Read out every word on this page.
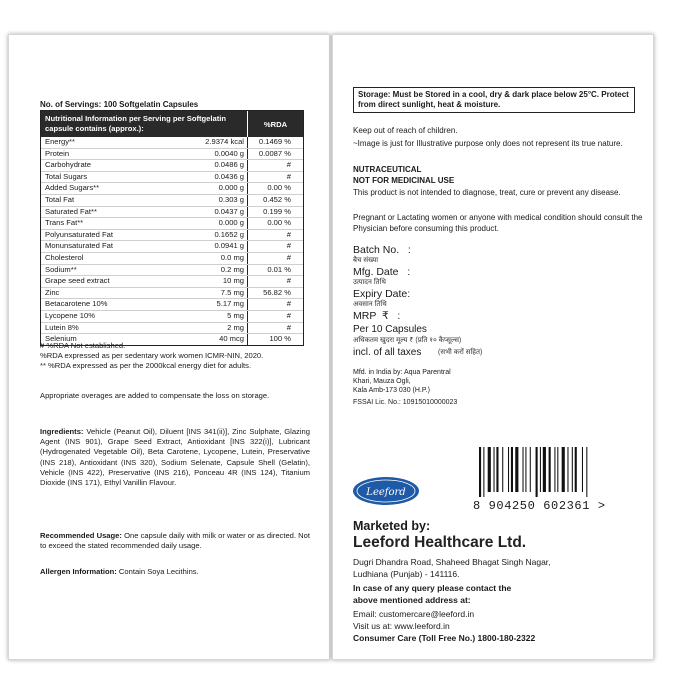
No. of Servings: 100 Softgelatin Capsules
Nutritional Information per Serving per Softgelatin capsule contains (approx.):	%RDA
Energy**	2.9374 kcal	0.1469 %
Protein	0.0040 g	0.0087 %
Carbohydrate	0.0486 g	#
Total Sugars	0.0436 g	#
Added Sugars**	0.000 g	0.00 %
Total Fat	0.303 g	0.452 %
Saturated Fat**	0.0437 g	0.199 %
Trans Fat**	0.000 g	0.00 %
Polyunsaturated Fat	0.1652 g	#
Monunsaturated Fat	0.0941 g	#
Cholesterol	0.0 mg	#
Sodium**	0.2 mg	0.01 %
Grape seed extract	10 mg	#
Zinc	7.5 mg	56.82 %
Betacarotene 10%	5.17 mg	#
Lycopene 10%	5 mg	#
Lutein 8%	2 mg	#
Selenium	40 mcg	100 %
# %RDA Not established.
%RDA expressed as per sedentary work women ICMR-NIN, 2020.
** %RDA expressed as per the 2000kcal energy diet for adults.
Appropriate overages are added to compensate the loss on storage.
Ingredients: Vehicle (Peanut Oil), Diluent [INS 341(ii)], Zinc Sulphate, Glazing Agent (INS 901), Grape Seed Extract, Antioxidant [INS 322(i)], Lubricant (Hydrogenated Vegetable Oil), Beta Carotene, Lycopene, Lutein, Preservative (INS 218), Antioxidant (INS 320), Sodium Selenate, Capsule Shell (Gelatin), Vehicle (INS 422), Preservative (INS 216), Ponceau 4R (INS 124), Titanium Dioxide (INS 171), Ethyl Vanillin Flavour.
Recommended Usage: One capsule daily with milk or water or as directed. Not to exceed the stated recommended daily usage.
Allergen Information: Contain Soya Lecithins.
Storage: Must be Stored in a cool, dry & dark place below 25°C. Protect from direct sunlight, heat & moisture.
Keep out of reach of children.
~Image is just for Illustrative purpose only does not represent its true nature.
NUTRACEUTICAL
NOT FOR MEDICINAL USE
This product is not intended to diagnose, treat, cure or prevent any disease.
Pregnant or Lactating women or anyone with medical condition should consult the Physician before consuming this product.
Batch No.   :
बैच संख्या
Mfg. Date   :
उत्पादन तिथि
Expiry Date:
अवसान तिथि
MRP  ₹   :
Per 10 Capsules
अधिकतम खुदरा मूल्य ₹ (प्रति १० कैप्सूल्स)
incl. of all taxes (सभी करों सहित)
Mfd. in India by: Aqua Parentral
Khari, Mauza Ogli,
Kala Amb-173 030 (H.P.)
FSSAI Lic. No.: 10915010000023
8 904250 602361 >
Leeford
Marketed by:
Leeford Healthcare Ltd.
Dugri Dhandra Road, Shaheed Bhagat Singh Nagar,
Ludhiana (Punjab) - 141116.
In case of any query please contact the
above mentioned address at:
Email: customercare@leeford.in
Visit us at: www.leeford.in
Consumer Care (Toll Free No.) 1800-180-2322
